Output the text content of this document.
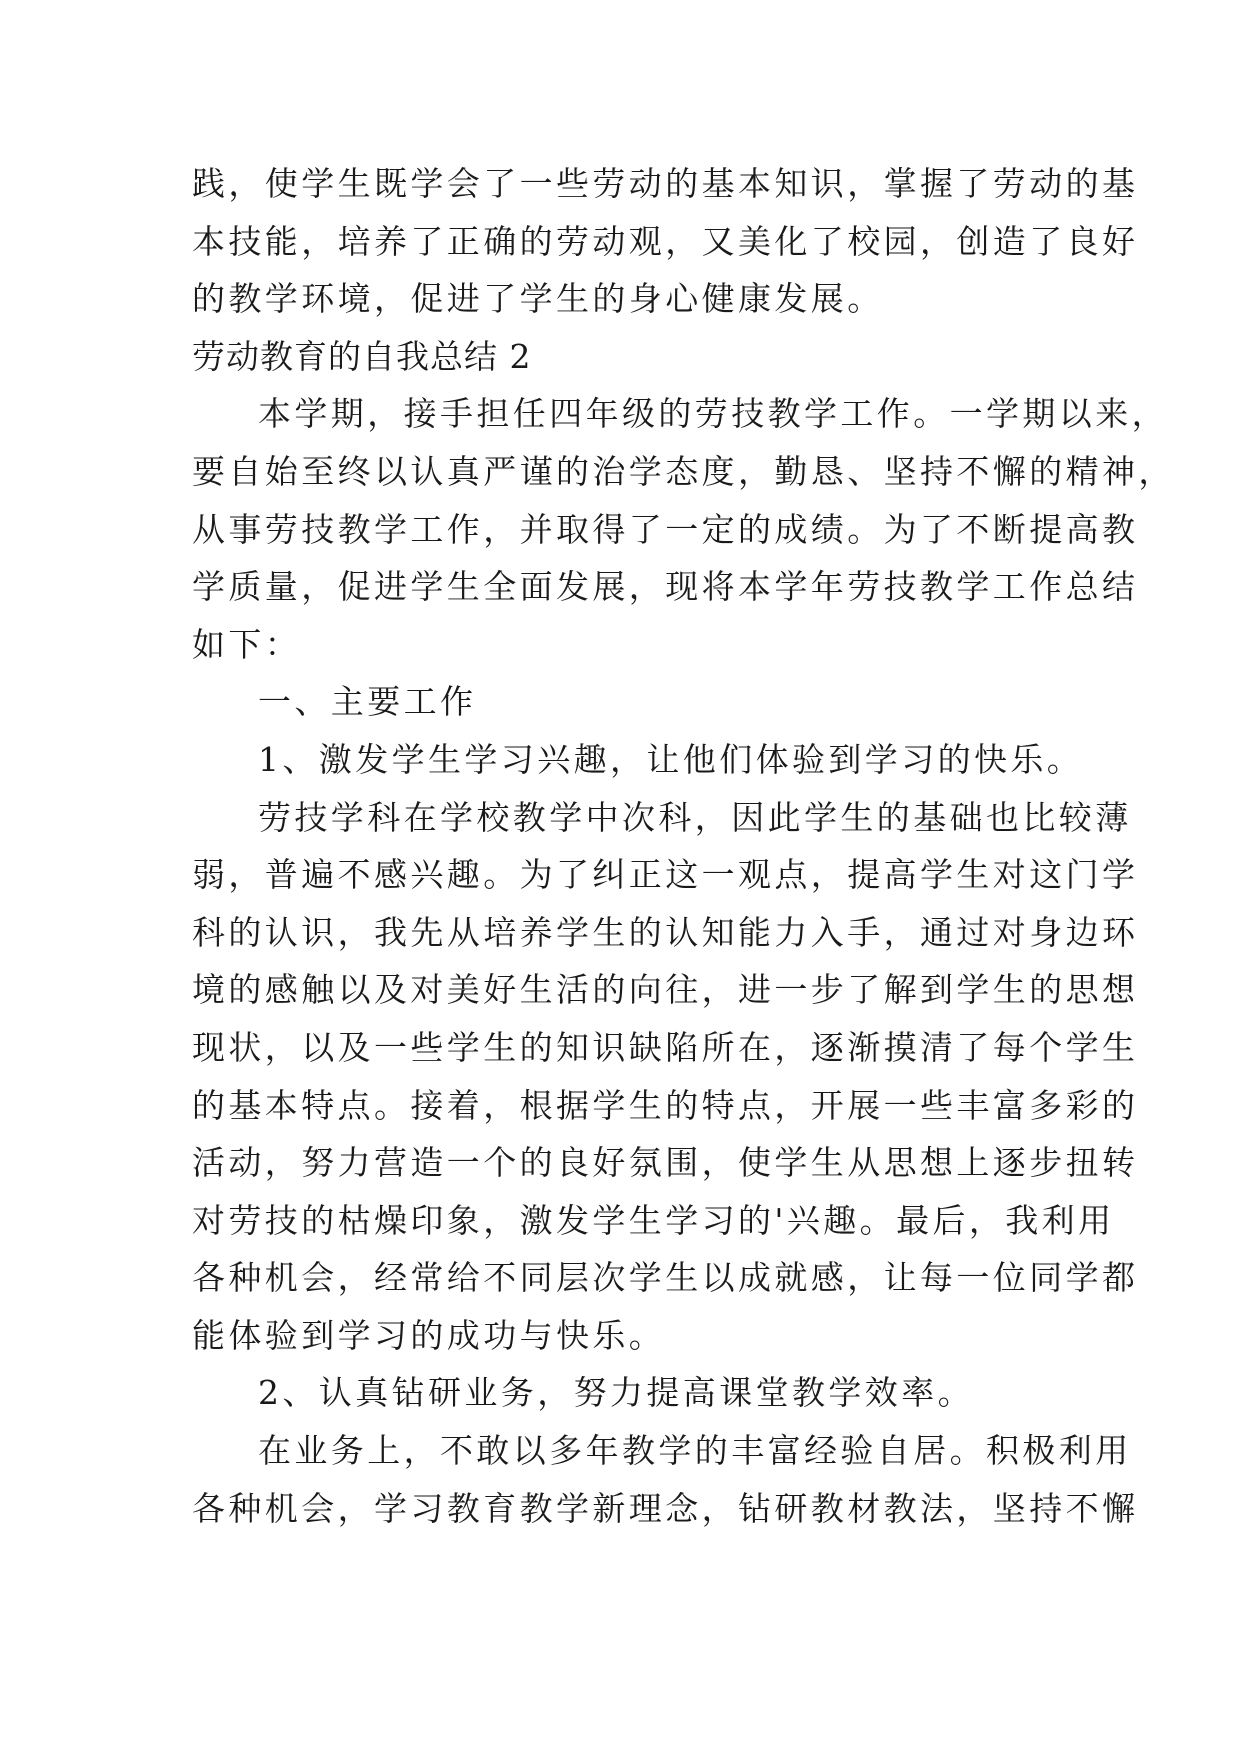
践，使学生既学会了一些劳动的基本知识，掌握了劳动的基
本技能，培养了正确的劳动观，又美化了校园，创造了良好
的教学环境，促进了学生的身心健康发展。
劳动教育的自我总结 2
本学期，接手担任四年级的劳技教学工作。一学期以来，
要自始至终以认真严谨的治学态度，勤恳、坚持不懈的精神，
从事劳技教学工作，并取得了一定的成绩。为了不断提高教
学质量，促进学生全面发展，现将本学年劳技教学工作总结
如下：
一、主要工作
1、激发学生学习兴趣，让他们体验到学习的快乐。
劳技学科在学校教学中次科，因此学生的基础也比较薄
弱，普遍不感兴趣。为了纠正这一观点，提高学生对这门学
科的认识，我先从培养学生的认知能力入手，通过对身边环
境的感触以及对美好生活的向往，进一步了解到学生的思想
现状，以及一些学生的知识缺陷所在，逐渐摸清了每个学生
的基本特点。接着，根据学生的特点，开展一些丰富多彩的
活动，努力营造一个的良好氛围，使学生从思想上逐步扭转
对劳技的枯燥印象，激发学生学习的'兴趣。最后，我利用
各种机会，经常给不同层次学生以成就感，让每一位同学都
能体验到学习的成功与快乐。
2、认真钻研业务，努力提高课堂教学效率。
在业务上，不敢以多年教学的丰富经验自居。积极利用
各种机会，学习教育教学新理念，钻研教材教法，坚持不懈
